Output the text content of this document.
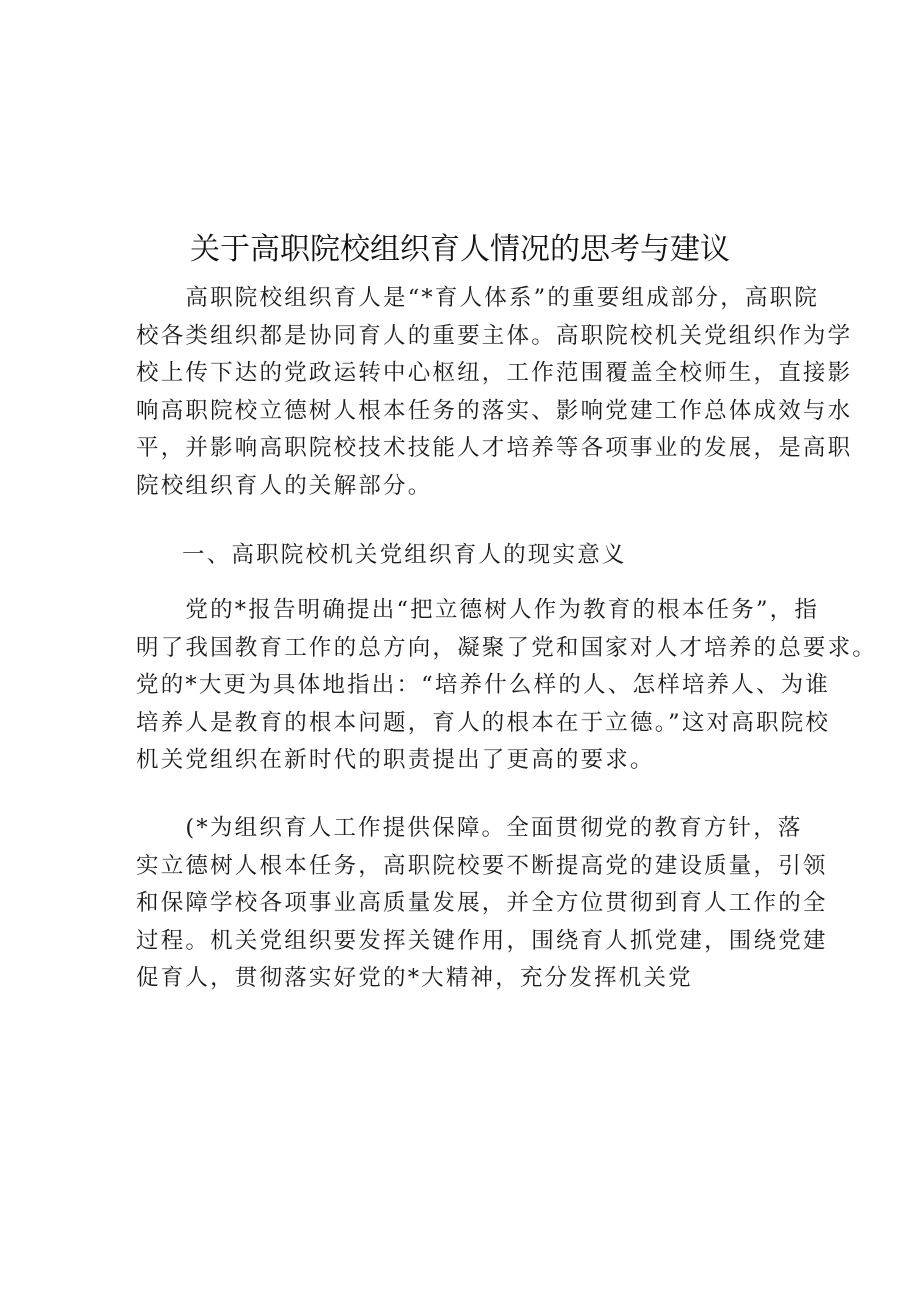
关于高职院校组织育人情况的思考与建议

　　高职院校组织育人是“*育人体系”的重要组成部分，高职院

校各类组织都是协同育人的重要主体。高职院校机关党组织作为学

校上传下达的党政运转中心枢纽，工作范围覆盖全校师生，直接影

响高职院校立德树人根本任务的落实、影响党建工作总体成效与水

平，并影响高职院校技术技能人才培养等各项事业的发展，是高职

院校组织育人的关解部分。

一、高职院校机关党组织育人的现实意义

　　党的*报告明确提出“把立德树人作为教育的根本任务”，指

明了我国教育工作的总方向，凝聚了党和国家对人才培养的总要求。

党的*大更为具体地指出：“培养什么样的人、怎样培养人、为谁

培养人是教育的根本问题，育人的根本在于立德。”这对高职院校

机关党组织在新时代的职责提出了更高的要求。

　　(*为组织育人工作提供保障。全面贯彻党的教育方针，落

实立德树人根本任务，高职院校要不断提高党的建设质量，引领

和保障学校各项事业高质量发展，并全方位贯彻到育人工作的全

过程。机关党组织要发挥关键作用，围绕育人抓党建，围绕党建

促育人，贯彻落实好党的*大精神，充分发挥机关党
